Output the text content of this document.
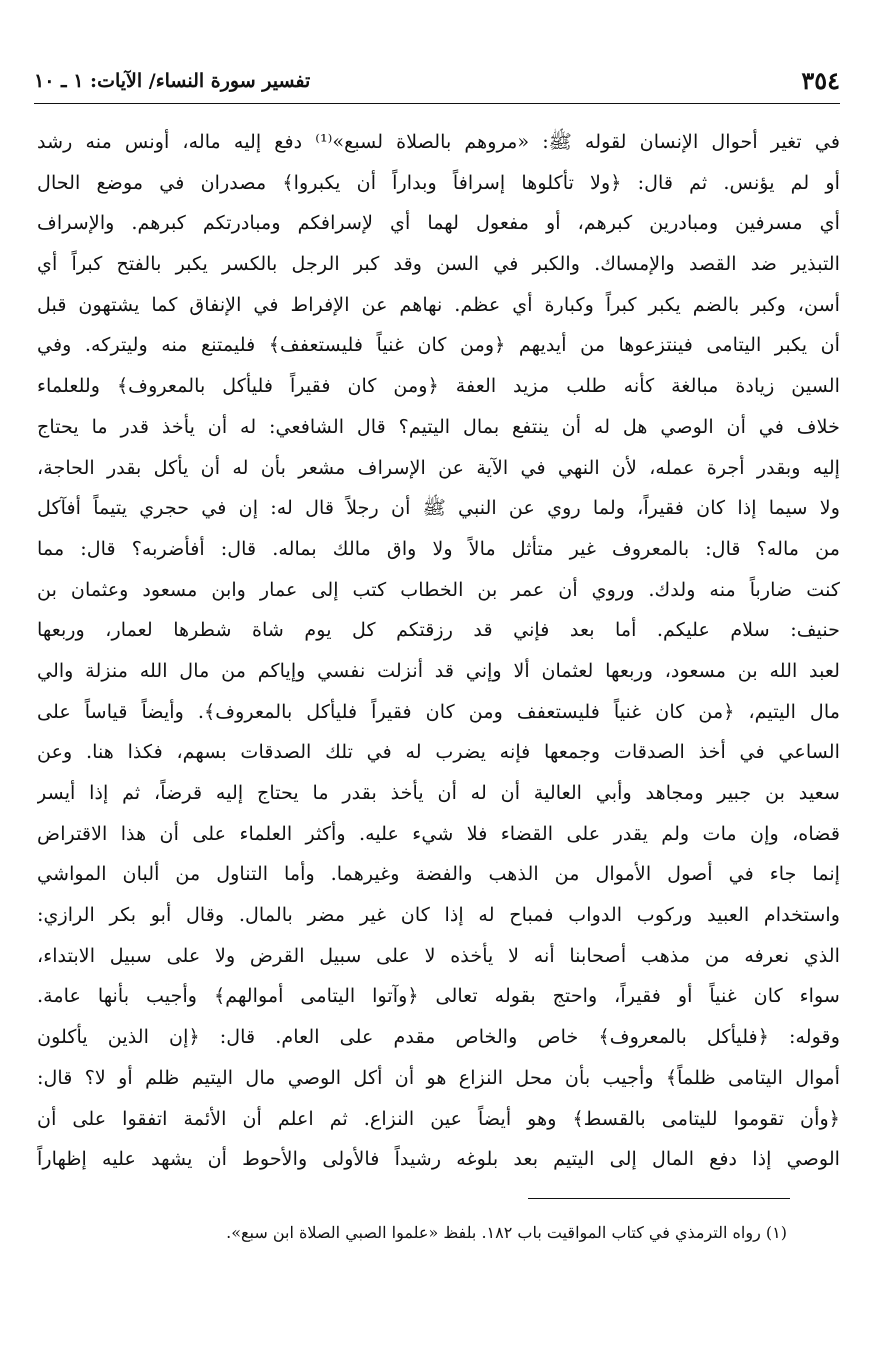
٣٥٤
تفسير سورة النساء/ الآيات: ١ ـ ١٠
في تغير أحوال الإنسان لقوله ﷺ: «مروهم بالصلاة لسبع»⁽¹⁾ دفع إليه ماله، أونس منه رشد
أو لم يؤنس. ثم قال: ﴿ولا تأكلوها إسرافاً وبداراً أن يكبروا﴾ مصدران في موضع الحال
أي مسرفين ومبادرين كبرهم، أو مفعول لهما أي لإسرافكم ومبادرتكم كبرهم. والإسراف
التبذير ضد القصد والإمساك. والكبر في السن وقد كبر الرجل بالكسر يكبر بالفتح كبراً أي
أسن، وكبر بالضم يكبر كبراً وكبارة أي عظم. نهاهم عن الإفراط في الإنفاق كما يشتهون قبل
أن يكبر اليتامى فينتزعوها من أيديهم ﴿ومن كان غنياً فليستعفف﴾ فليمتنع منه وليتركه. وفي
السين زيادة مبالغة كأنه طلب مزيد العفة ﴿ومن كان فقيراً فليأكل بالمعروف﴾ وللعلماء
خلاف في أن الوصي هل له أن ينتفع بمال اليتيم؟ قال الشافعي: له أن يأخذ قدر ما يحتاج
إليه وبقدر أجرة عمله، لأن النهي في الآية عن الإسراف مشعر بأن له أن يأكل بقدر الحاجة،
ولا سيما إذا كان فقيراً، ولما روي عن النبي ﷺ أن رجلاً قال له: إن في حجري يتيماً أفآكل
من ماله؟ قال: بالمعروف غير متأثل مالاً ولا واق مالك بماله. قال: أفأضربه؟ قال: مما
كنت ضارباً منه ولدك. وروي أن عمر بن الخطاب كتب إلى عمار وابن مسعود وعثمان بن
حنيف: سلام عليكم. أما بعد فإني قد رزقتكم كل يوم شاة شطرها لعمار، وربعها
لعبد الله بن مسعود، وربعها لعثمان ألا وإني قد أنزلت نفسي وإياكم من مال الله منزلة والي
مال اليتيم، ﴿من كان غنياً فليستعفف ومن كان فقيراً فليأكل بالمعروف﴾. وأيضاً قياساً على
الساعي في أخذ الصدقات وجمعها فإنه يضرب له في تلك الصدقات بسهم، فكذا هنا. وعن
سعيد بن جبير ومجاهد وأبي العالية أن له أن يأخذ بقدر ما يحتاج إليه قرضاً، ثم إذا أيسر
قضاه، وإن مات ولم يقدر على القضاء فلا شيء عليه. وأكثر العلماء على أن هذا الاقتراض
إنما جاء في أصول الأموال من الذهب والفضة وغيرهما. وأما التناول من ألبان المواشي
واستخدام العبيد وركوب الدواب فمباح له إذا كان غير مضر بالمال. وقال أبو بكر الرازي:
الذي نعرفه من مذهب أصحابنا أنه لا يأخذه لا على سبيل القرض ولا على سبيل الابتداء،
سواء كان غنياً أو فقيراً، واحتج بقوله تعالى ﴿وآتوا اليتامى أموالهم﴾ وأجيب بأنها عامة.
وقوله: ﴿فليأكل بالمعروف﴾ خاص والخاص مقدم على العام. قال: ﴿إن الذين يأكلون
أموال اليتامى ظلماً﴾ وأجيب بأن محل النزاع هو أن أكل الوصي مال اليتيم ظلم أو لا؟ قال:
﴿وأن تقوموا لليتامى بالقسط﴾ وهو أيضاً عين النزاع. ثم اعلم أن الأئمة اتفقوا على أن
الوصي إذا دفع المال إلى اليتيم بعد بلوغه رشيداً فالأولى والأحوط أن يشهد عليه إظهاراً
(١) رواه الترمذي في كتاب المواقيت باب ١٨٢. بلفظ «علموا الصبي الصلاة ابن سبع».
